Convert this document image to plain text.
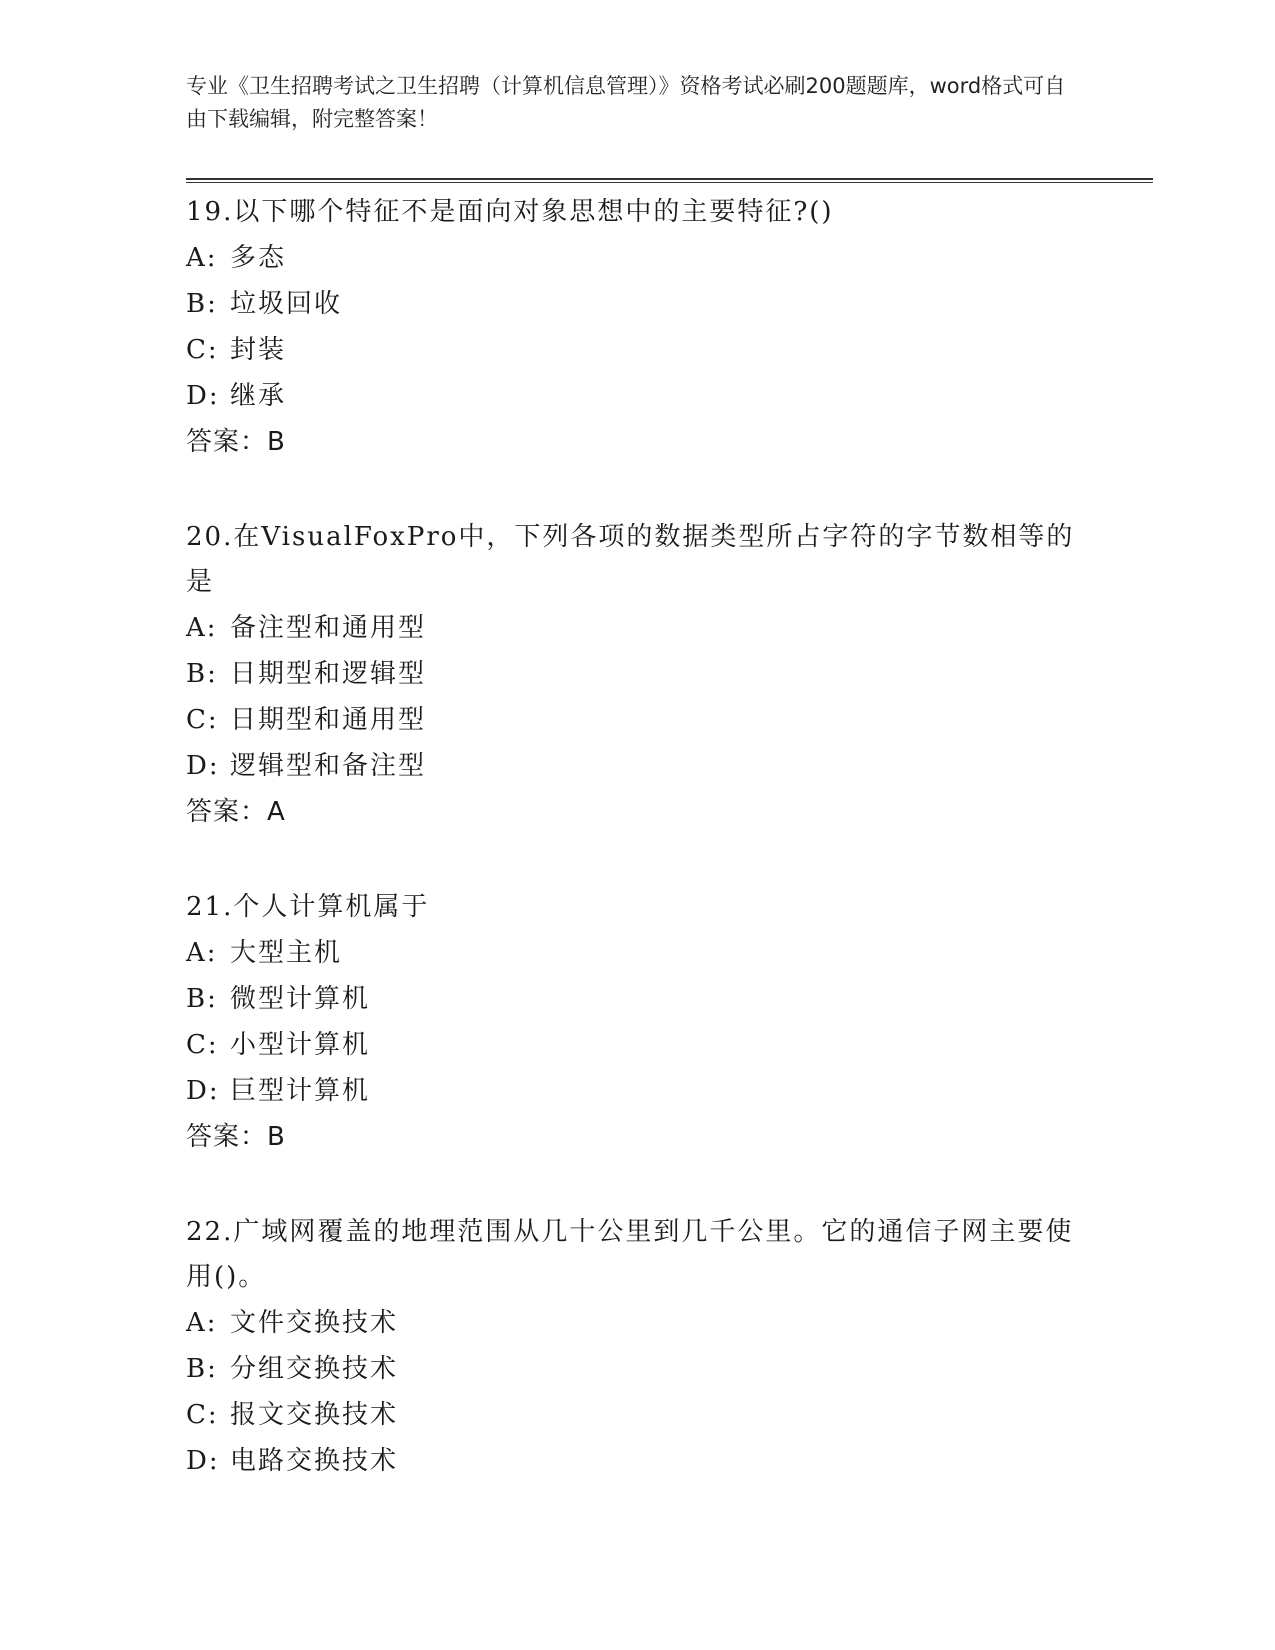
专业《卫生招聘考试之卫生招聘（计算机信息管理）》资格考试必刷200题题库，word格式可自由下载编辑，附完整答案！

19.以下哪个特征不是面向对象思想中的主要特征?()

A: 多态

B: 垃圾回收

C: 封装

D: 继承

答案：B

20.在VisualFoxPro中，下列各项的数据类型所占字符的字节数相等的是

A: 备注型和通用型

B: 日期型和逻辑型

C: 日期型和通用型

D: 逻辑型和备注型

答案：A

21.个人计算机属于

A: 大型主机

B: 微型计算机

C: 小型计算机

D: 巨型计算机

答案：B

22.广域网覆盖的地理范围从几十公里到几千公里。它的通信子网主要使用()。

A: 文件交换技术

B: 分组交换技术

C: 报文交换技术

D: 电路交换技术
